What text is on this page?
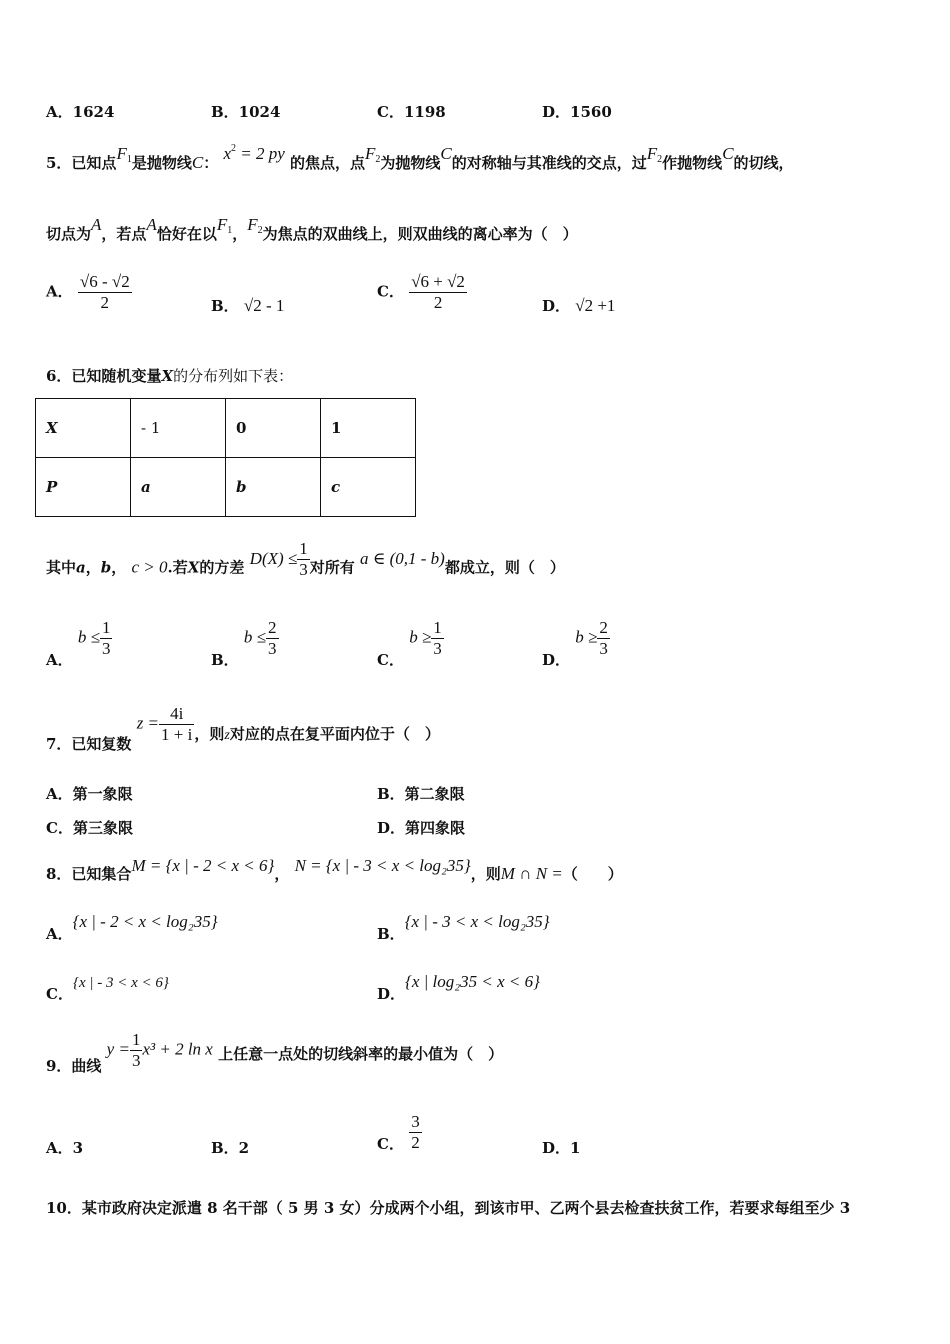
A．1624	B．1024	C．1198	D．1560
5．已知点$F_1$是抛物线C： $x^2 = 2$ py 的焦点，点$F_2$为抛物线C的对称轴与其准线的交点，过$F_2$作抛物线C的切线，
切点为A，若点A恰好在以$F_1$，$F_2$为焦点的双曲线上，则双曲线的离心率为（　）
A． $\frac{√6 - √2}{2}$	B． √2 - 1
C． $\frac{√6 + √2}{2}$	D． √2 +1
6．已知随机变量X的分布列如下表：
X	- 1	0	1
P	a	b	c
其中a，b， c > 0.若X的方差 $D(X) \le \frac{1}{3}$ 对所有 a ∈ (0,1 - b)都成立，则（　）
A． $b \le \frac{1}{3}$
B． $b \le \frac{2}{3}$
C． $b \ge \frac{1}{3}$
D． $b \ge \frac{2}{3}$
7．已知复数 $z = \frac{4i}{1 + i}$ ，则z对应的点在复平面内位于（　）
A．第一象限	B．第二象限
C．第三象限	D．第四象限
8．已知集合M = {x | - 2 < x < 6}， N = {x | - 3 < x < log₂35}，则M ∩ N =（　　）
A．{x | - 2 < x < log₂35}
B．{x | - 3 < x < log₂35}
C．{x | - 3 < x < 6}
D．{x | log₂35 < x < 6}
9．曲线 $y = \frac{1}{3} x^3 + 2$ ln x 上任意一点处的切线斜率的最小值为（　）
A．3	B．2	C． $\frac{3}{2}$	D．1
10．某市政府决定派遣 8 名干部（ 5 男 3 女）分成两个小组，到该市甲、乙两个县去检查扶贫工作，若要求每组至少 3
